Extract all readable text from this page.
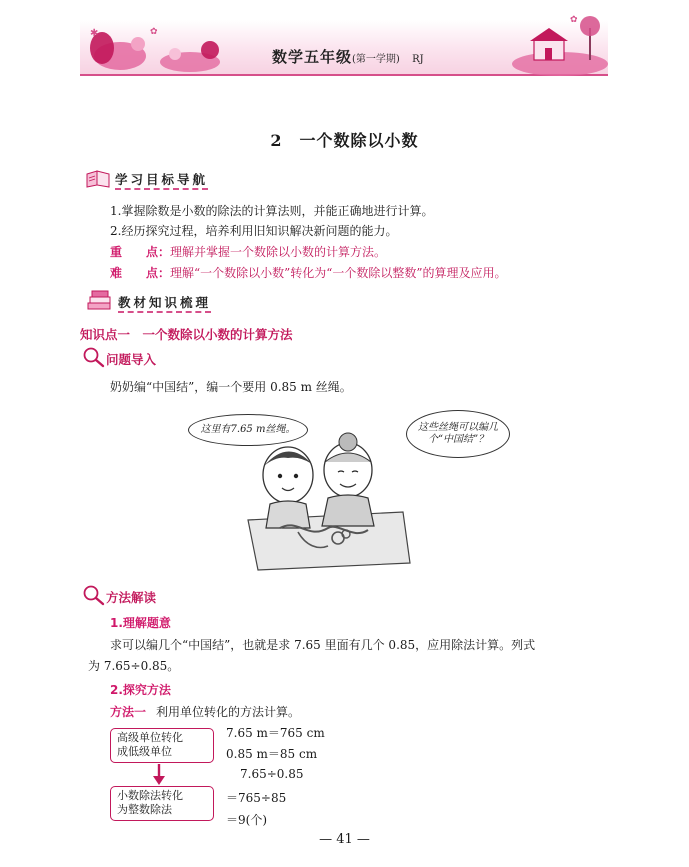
✱	✿
✿
数学五年级(第一学期) RJ
2　一个数除以小数
学习目标导航
1.掌握除数是小数的除法的计算法则，并能正确地进行计算。
2.经历探究过程，培养利用旧知识解决新问题的能力。
重　　点：理解并掌握一个数除以小数的计算方法。
难　　点：理解“一个数除以小数”转化为“一个数除以整数”的算理及应用。
教材知识梳理
知识点一　一个数除以小数的计算方法
问题导入
奶奶编“中国结”，编一个要用 0.85 m 丝绳。
这里有7.65 m丝绳。	这些丝绳可以编几个“中国结”？
方法解读
1.理解题意
求可以编几个“中国结”，也就是求 7.65 里面有几个 0.85，应用除法计算。列式
为 7.65÷0.85。
2.探究方法
方法一 利用单位转化的方法计算。
高级单位转化
成低级单位
小数除法转化
为整数除法
7.65 m＝765 cm
0.85 m＝85 cm
7.65÷0.85
＝765÷85
＝9(个)
— 41 —
